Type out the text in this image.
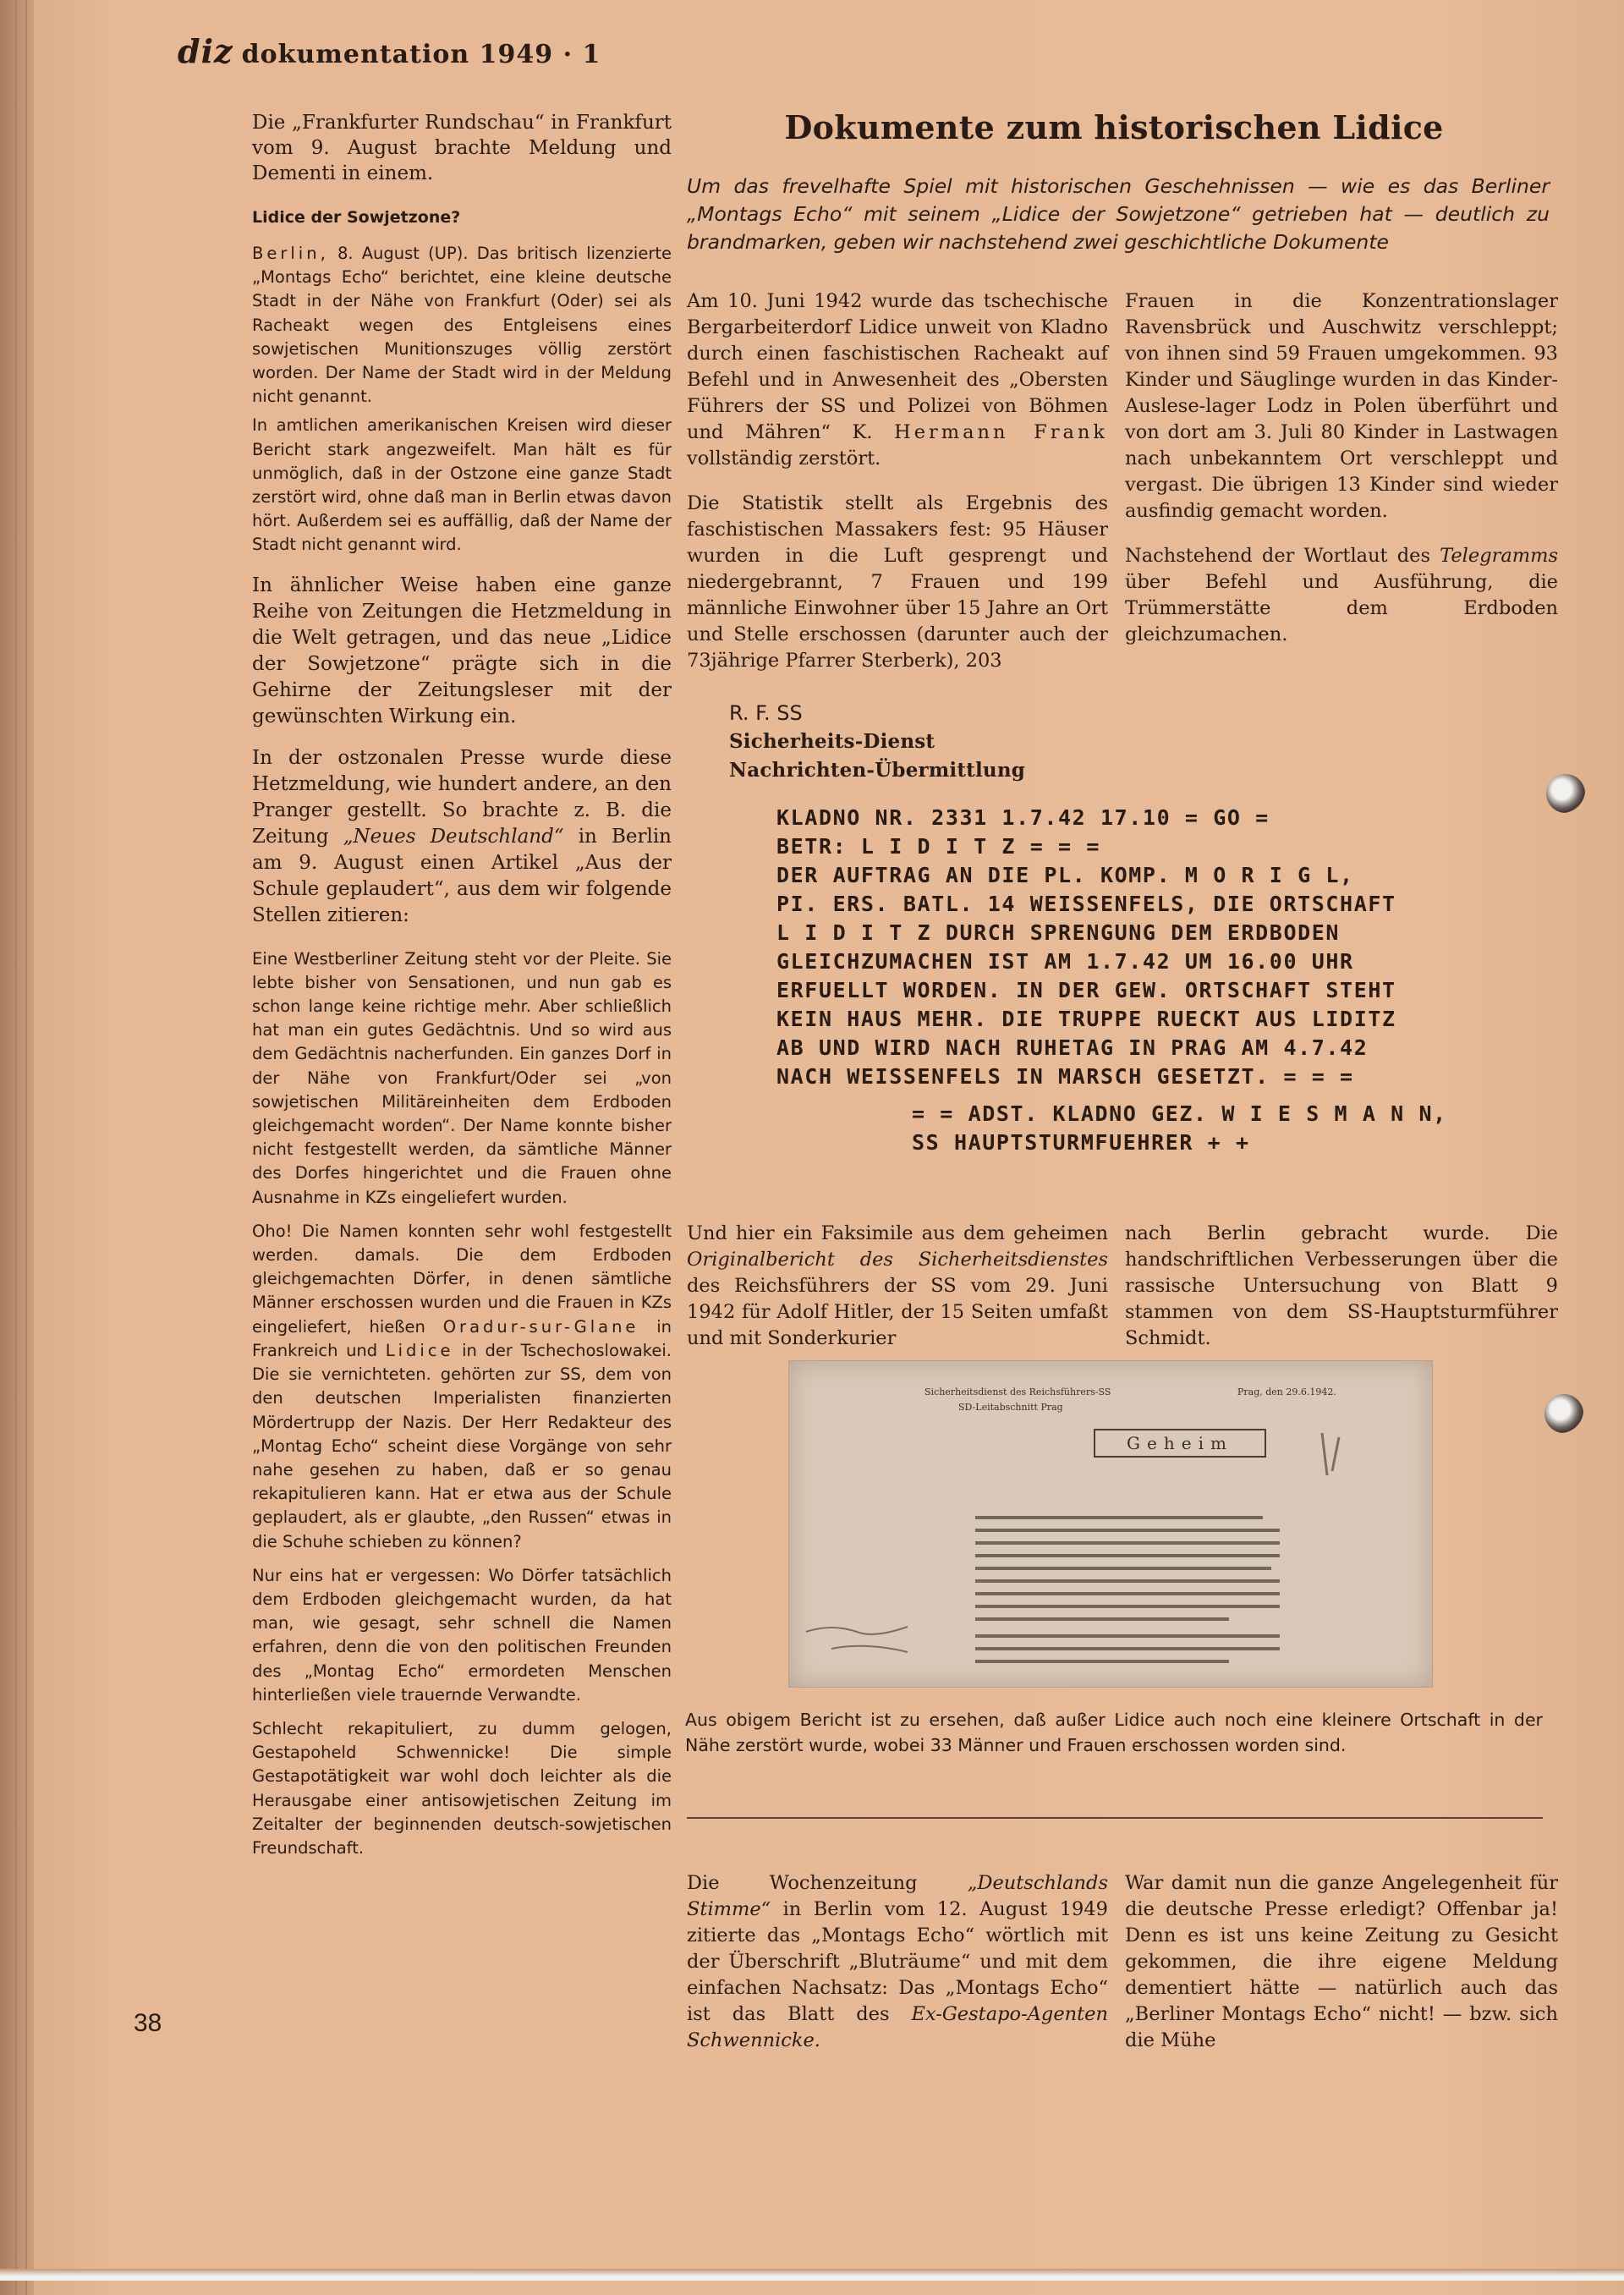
diz dokumentation 1949 · 1

Die „Frankfurter Rundschau“ in Frankfurt vom 9. August brachte Meldung und Dementi in einem.

Lidice der Sowjetzone?

Berlin, 8. August (UP). Das britisch lizenzierte „Montags Echo“ berichtet, eine kleine deutsche Stadt in der Nähe von Frankfurt (Oder) sei als Racheakt wegen des Entgleisens eines sowjetischen Munitionszuges völlig zerstört worden. Der Name der Stadt wird in der Meldung nicht genannt.

In amtlichen amerikanischen Kreisen wird dieser Bericht stark angezweifelt. Man hält es für unmöglich, daß in der Ostzone eine ganze Stadt zerstört wird, ohne daß man in Berlin etwas davon hört. Außerdem sei es auffällig, daß der Name der Stadt nicht genannt wird.

In ähnlicher Weise haben eine ganze Reihe von Zeitungen die Hetzmeldung in die Welt getragen, und das neue „Lidice der Sowjetzone“ prägte sich in die Gehirne der Zeitungsleser mit der gewünschten Wirkung ein.

In der ostzonalen Presse wurde diese Hetzmeldung, wie hundert andere, an den Pranger gestellt. So brachte z. B. die Zeitung „Neues Deutschland“ in Berlin am 9. August einen Artikel „Aus der Schule geplaudert“, aus dem wir folgende Stellen zitieren:

Eine Westberliner Zeitung steht vor der Pleite. Sie lebte bisher von Sensationen, und nun gab es schon lange keine richtige mehr. Aber schließlich hat man ein gutes Gedächtnis. Und so wird aus dem Gedächtnis nacherfunden. Ein ganzes Dorf in der Nähe von Frankfurt/Oder sei „von sowjetischen Militäreinheiten dem Erdboden gleichgemacht worden“. Der Name konnte bisher nicht festgestellt werden, da sämtliche Männer des Dorfes hingerichtet und die Frauen ohne Ausnahme in KZs eingeliefert wurden.

Oho! Die Namen konnten sehr wohl festgestellt werden. damals. Die dem Erdboden gleichgemachten Dörfer, in denen sämtliche Männer erschossen wurden und die Frauen in KZs eingeliefert, hießen Oradur-sur-Glane in Frankreich und Lidice in der Tschechoslowakei. Die sie vernichteten. gehörten zur SS, dem von den deutschen Imperialisten finanzierten Mördertrupp der Nazis. Der Herr Redakteur des „Montag Echo“ scheint diese Vorgänge von sehr nahe gesehen zu haben, daß er so genau rekapitulieren kann. Hat er etwa aus der Schule geplaudert, als er glaubte, „den Russen“ etwas in die Schuhe schieben zu können?

Nur eins hat er vergessen: Wo Dörfer tatsächlich dem Erdboden gleichgemacht wurden, da hat man, wie gesagt, sehr schnell die Namen erfahren, denn die von den politischen Freunden des „Montag Echo“ ermordeten Menschen hinterließen viele trauernde Verwandte.

Schlecht rekapituliert, zu dumm gelogen, Gestapoheld Schwennicke! Die simple Gestapotätigkeit war wohl doch leichter als die Herausgabe einer antisowjetischen Zeitung im Zeitalter der beginnenden deutsch-sowjetischen Freundschaft.

38
Dokumente zum historischen Lidice
Um das frevelhafte Spiel mit historischen Geschehnissen — wie es das Berliner „Montags Echo“ mit seinem „Lidice der Sowjetzone“ getrieben hat — deutlich zu brandmarken, geben wir nachstehend zwei geschichtliche Dokumente

Am 10. Juni 1942 wurde das tschechische Bergarbeiterdorf Lidice unweit von Kladno durch einen faschistischen Racheakt auf Befehl und in Anwesenheit des „Obersten Führers der SS und Polizei von Böhmen und Mähren“ K. Hermann Frank vollständig zerstört.

Die Statistik stellt als Ergebnis des faschistischen Massakers fest: 95 Häuser wurden in die Luft gesprengt und niedergebrannt, 7 Frauen und 199 männliche Einwohner über 15 Jahre an Ort und Stelle erschossen (darunter auch der 73jährige Pfarrer Sterberk), 203

Frauen in die Konzentrationslager Ravensbrück und Auschwitz verschleppt; von ihnen sind 59 Frauen umgekommen. 93 Kinder und Säuglinge wurden in das Kinder-Auslese-lager Lodz in Polen überführt und von dort am 3. Juli 80 Kinder in Lastwagen nach unbekanntem Ort verschleppt und vergast. Die übrigen 13 Kinder sind wieder ausfindig gemacht worden.

Nachstehend der Wortlaut des Telegramms über Befehl und Ausführung, die Trümmerstätte dem Erdboden gleichzumachen.

R. F. SS
Sicherheits-Dienst
Nachrichten-Übermittlung
KLADNO NR. 2331 1.7.42 17.10 = GO =
BETR: L I D I T Z = = =
DER AUFTRAG AN DIE PL. KOMP. M O R I G L,
PI. ERS. BATL. 14 WEISSENFELS, DIE ORTSCHAFT
L I D I T Z DURCH SPRENGUNG DEM ERDBODEN
GLEICHZUMACHEN IST AM 1.7.42 UM 16.00 UHR
ERFUELLT WORDEN. IN DER GEW. ORTSCHAFT STEHT
KEIN HAUS MEHR. DIE TRUPPE RUECKT AUS LIDITZ
AB UND WIRD NACH RUHETAG IN PRAG AM 4.7.42
NACH WEISSENFELS IN MARSCH GESETZT. = = =
= = ADST. KLADNO GEZ. W I E S M A N N,
SS HAUPTSTURMFUEHRER + +

Und hier ein Faksimile aus dem geheimen Originalbericht des Sicherheitsdienstes des Reichsführers der SS vom 29. Juni 1942 für Adolf Hitler, der 15 Seiten umfaßt und mit Sonderkurier

nach Berlin gebracht wurde. Die handschriftlichen Verbesserungen über die rassische Untersuchung von Blatt 9 stammen von dem SS-Hauptsturmführer Schmidt.

Sicherheitsdienst des Reichsführers-SS
SD-Leitabschnitt Prag
Prag, den 29.6.1942.
Geheim
Aus obigem Bericht ist zu ersehen, daß außer Lidice auch noch eine kleinere Ortschaft in der Nähe zerstört wurde, wobei 33 Männer und Frauen erschossen worden sind.

Die Wochenzeitung „Deutschlands Stimme“ in Berlin vom 12. August 1949 zitierte das „Montags Echo“ wörtlich mit der Überschrift „Bluträume“ und mit dem einfachen Nachsatz: Das „Montags Echo“ ist das Blatt des Ex-Gestapo-Agenten Schwennicke.

War damit nun die ganze Angelegenheit für die deutsche Presse erledigt? Offenbar ja! Denn es ist uns keine Zeitung zu Gesicht gekommen, die ihre eigene Meldung dementiert hätte — natürlich auch das „Berliner Montags Echo“ nicht! — bzw. sich die Mühe
